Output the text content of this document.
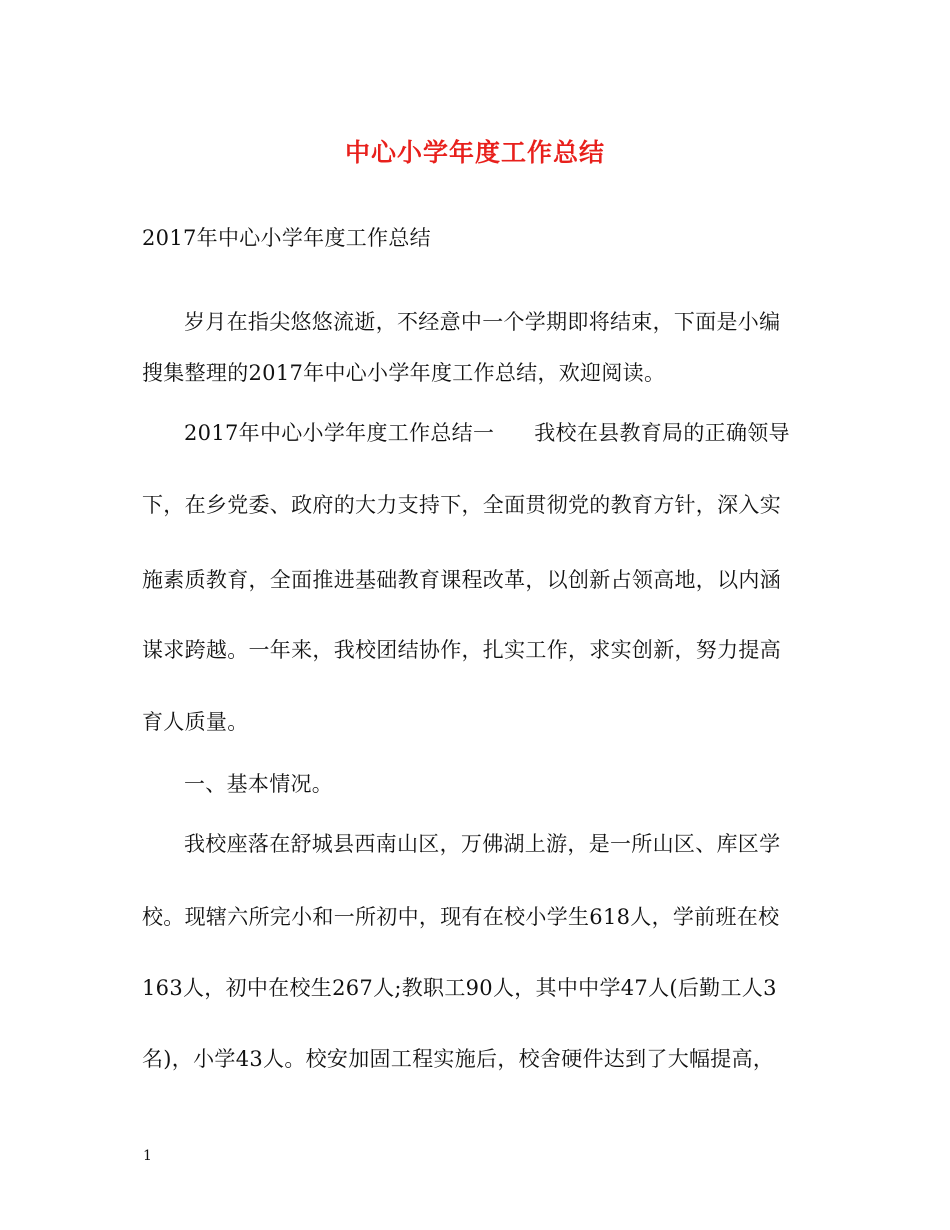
中心小学年度工作总结
2017年中心小学年度工作总结
岁月在指尖悠悠流逝，不经意中一个学期即将结束，下面是小编
搜集整理的2017年中心小学年度工作总结，欢迎阅读。
2017年中心小学年度工作总结一 我校在县教育局的正确领导
下，在乡党委、政府的大力支持下，全面贯彻党的教育方针，深入实
施素质教育，全面推进基础教育课程改革，以创新占领高地，以内涵
谋求跨越。一年来，我校团结协作，扎实工作，求实创新，努力提高
育人质量。
一、基本情况。
我校座落在舒城县西南山区，万佛湖上游，是一所山区、库区学
校。现辖六所完小和一所初中，现有在校小学生618人，学前班在校
163人，初中在校生267人;教职工90人，其中中学47人(后勤工人3
名)，小学43人。校安加固工程实施后，校舍硬件达到了大幅提高，
1
